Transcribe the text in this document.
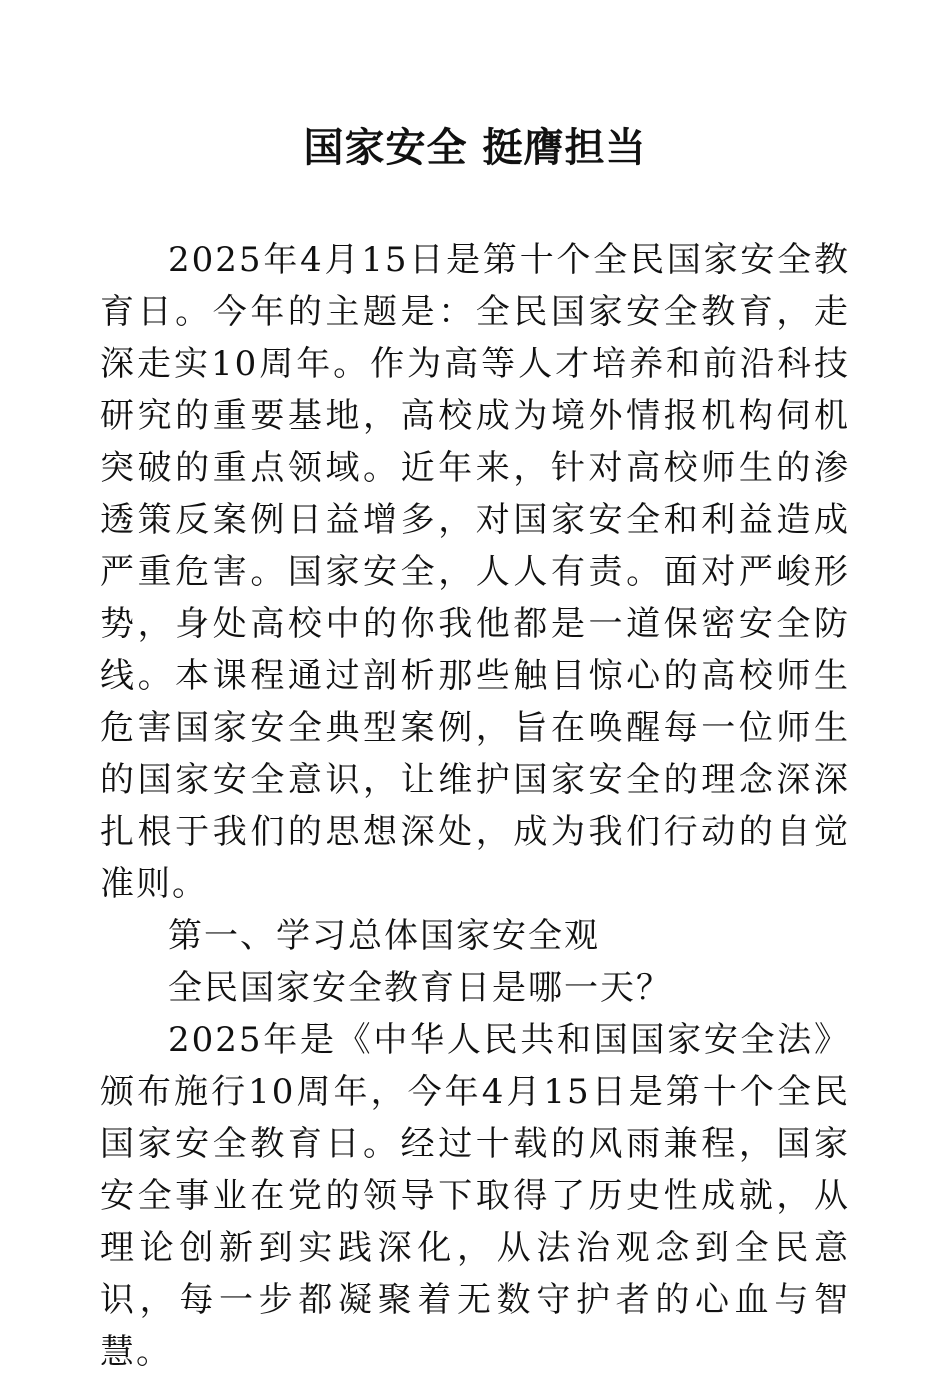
国家安全 挺膺担当

2025年4月15日是第十个全民国家安全教育日。今年的主题是：全民国家安全教育，走深走实10周年。作为高等人才培养和前沿科技研究的重要基地，高校成为境外情报机构伺机突破的重点领域。近年来，针对高校师生的渗透策反案例日益增多，对国家安全和利益造成严重危害。国家安全，人人有责。面对严峻形势，身处高校中的你我他都是一道保密安全防线。本课程通过剖析那些触目惊心的高校师生危害国家安全典型案例，旨在唤醒每一位师生的国家安全意识，让维护国家安全的理念深深扎根于我们的思想深处，成为我们行动的自觉准则。

第一、学习总体国家安全观

全民国家安全教育日是哪一天？

2025年是《中华人民共和国国家安全法》颁布施行10周年，今年4月15日是第十个全民国家安全教育日。经过十载的风雨兼程，国家安全事业在党的领导下取得了历史性成就，从理论创新到实践深化，从法治观念到全民意识，每一步都凝聚着无数守护者的心血与智慧。
